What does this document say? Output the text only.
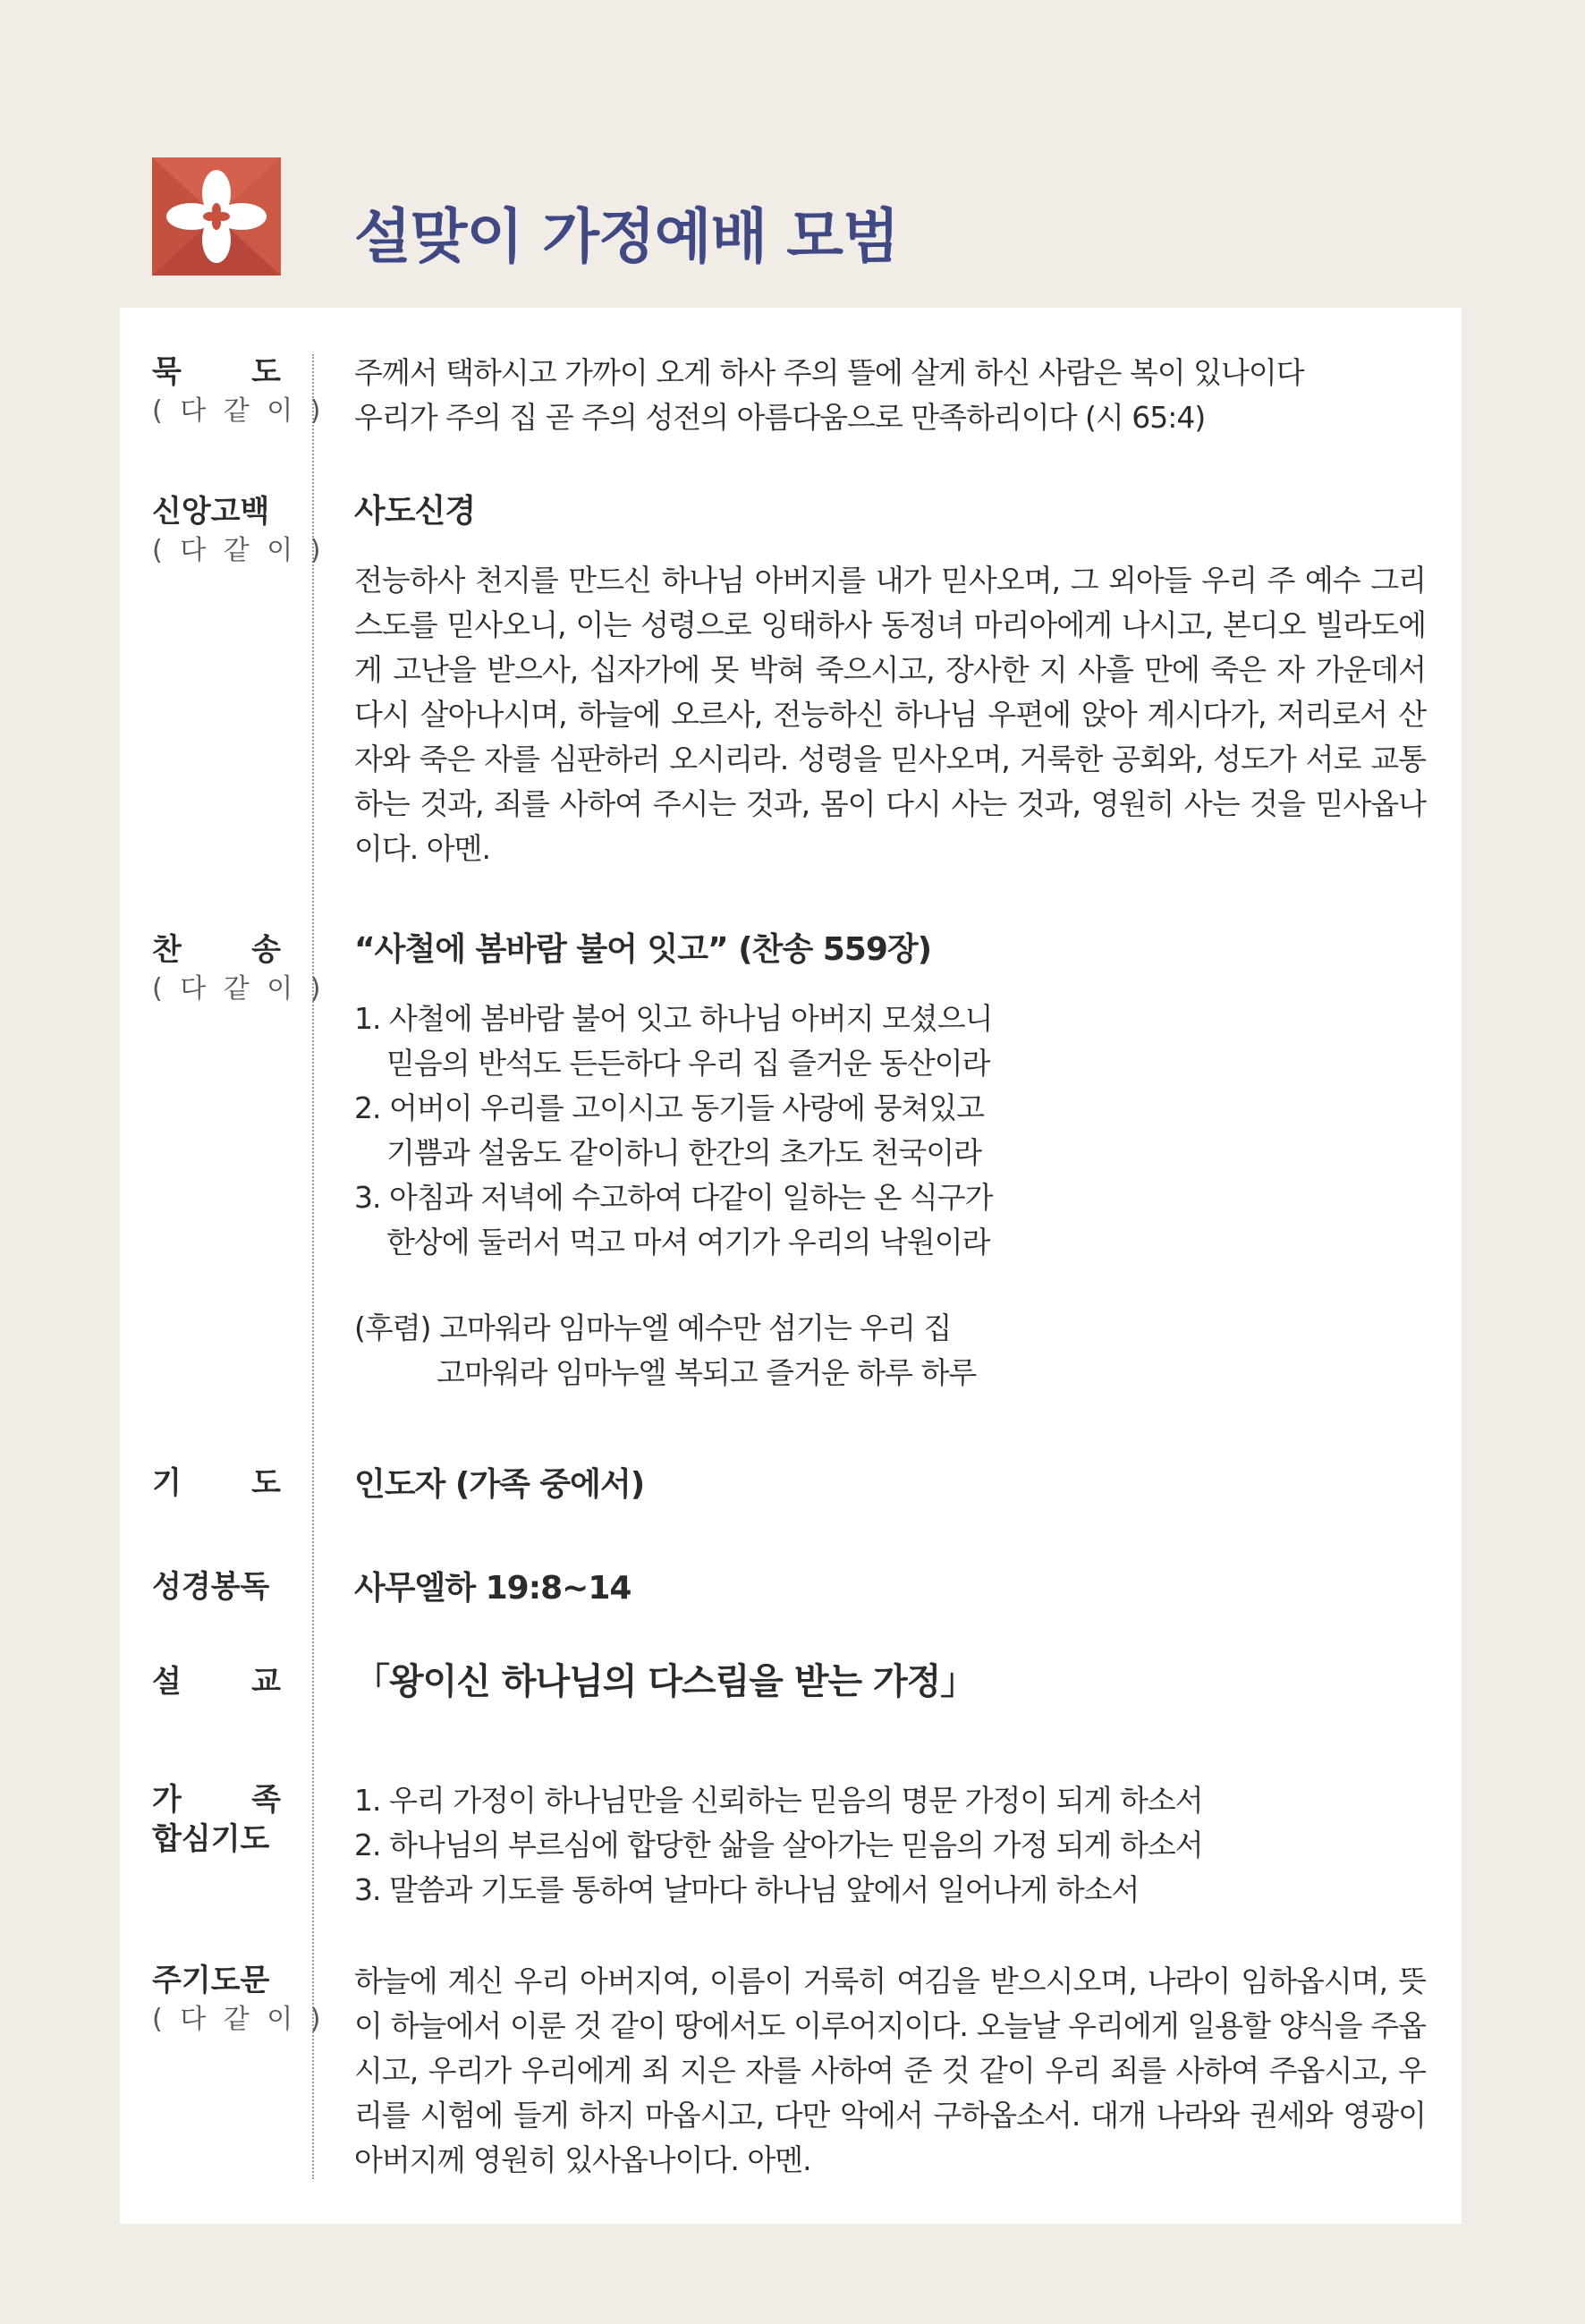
설맞이 가정예배 모범
묵 도
( 다 같 이 )

주께서 택하시고 가까이 오게 하사 주의 뜰에 살게 하신 사람은 복이 있나이다

우리가 주의 집 곧 주의 성전의 아름다움으로 만족하리이다 (시 65:4)

신앙고백
( 다 같 이 )

사도신경

전능하사 천지를 만드신 하나님 아버지를 내가 믿사오며, 그 외아들 우리 주 예수 그리스도를 믿사오니, 이는 성령으로 잉태하사 동정녀 마리아에게 나시고, 본디오 빌라도에게 고난을 받으사, 십자가에 못 박혀 죽으시고, 장사한 지 사흘 만에 죽은 자 가운데서 다시 살아나시며, 하늘에 오르사, 전능하신 하나님 우편에 앉아 계시다가, 저리로서 산 자와 죽은 자를 심판하러 오시리라. 성령을 믿사오며, 거룩한 공회와, 성도가 서로 교통하는 것과, 죄를 사하여 주시는 것과, 몸이 다시 사는 것과, 영원히 사는 것을 믿사옵나이다. 아멘.

찬 송
( 다 같 이 )

“사철에 봄바람 불어 잇고” (찬송 559장)

1. 사철에 봄바람 불어 잇고 하나님 아버지 모셨으니

믿음의 반석도 든든하다 우리 집 즐거운 동산이라

2. 어버이 우리를 고이시고 동기들 사랑에 뭉쳐있고

기쁨과 설움도 같이하니 한간의 초가도 천국이라

3. 아침과 저녁에 수고하여 다같이 일하는 온 식구가

한상에 둘러서 먹고 마셔 여기가 우리의 낙원이라

(후렴) 고마워라 임마누엘 예수만 섬기는 우리 집

고마워라 임마누엘 복되고 즐거운 하루 하루

기 도 인도자 (가족 중에서)

성경봉독	사무엘하 19:8~14

설 교 「왕이신 하나님의 다스림을 받는 가정」

가 족
합심기도

1. 우리 가정이 하나님만을 신뢰하는 믿음의 명문 가정이 되게 하소서

2. 하나님의 부르심에 합당한 삶을 살아가는 믿음의 가정 되게 하소서

3. 말씀과 기도를 통하여 날마다 하나님 앞에서 일어나게 하소서

주기도문
( 다 같 이 )
하늘에 계신 우리 아버지여, 이름이 거룩히 여김을 받으시오며, 나라이 임하옵시며, 뜻이 하늘에서 이룬 것 같이 땅에서도 이루어지이다. 오늘날 우리에게 일용할 양식을 주옵시고, 우리가 우리에게 죄 지은 자를 사하여 준 것 같이 우리 죄를 사하여 주옵시고, 우리를 시험에 들게 하지 마옵시고, 다만 악에서 구하옵소서. 대개 나라와 권세와 영광이 아버지께 영원히 있사옵나이다. 아멘.
